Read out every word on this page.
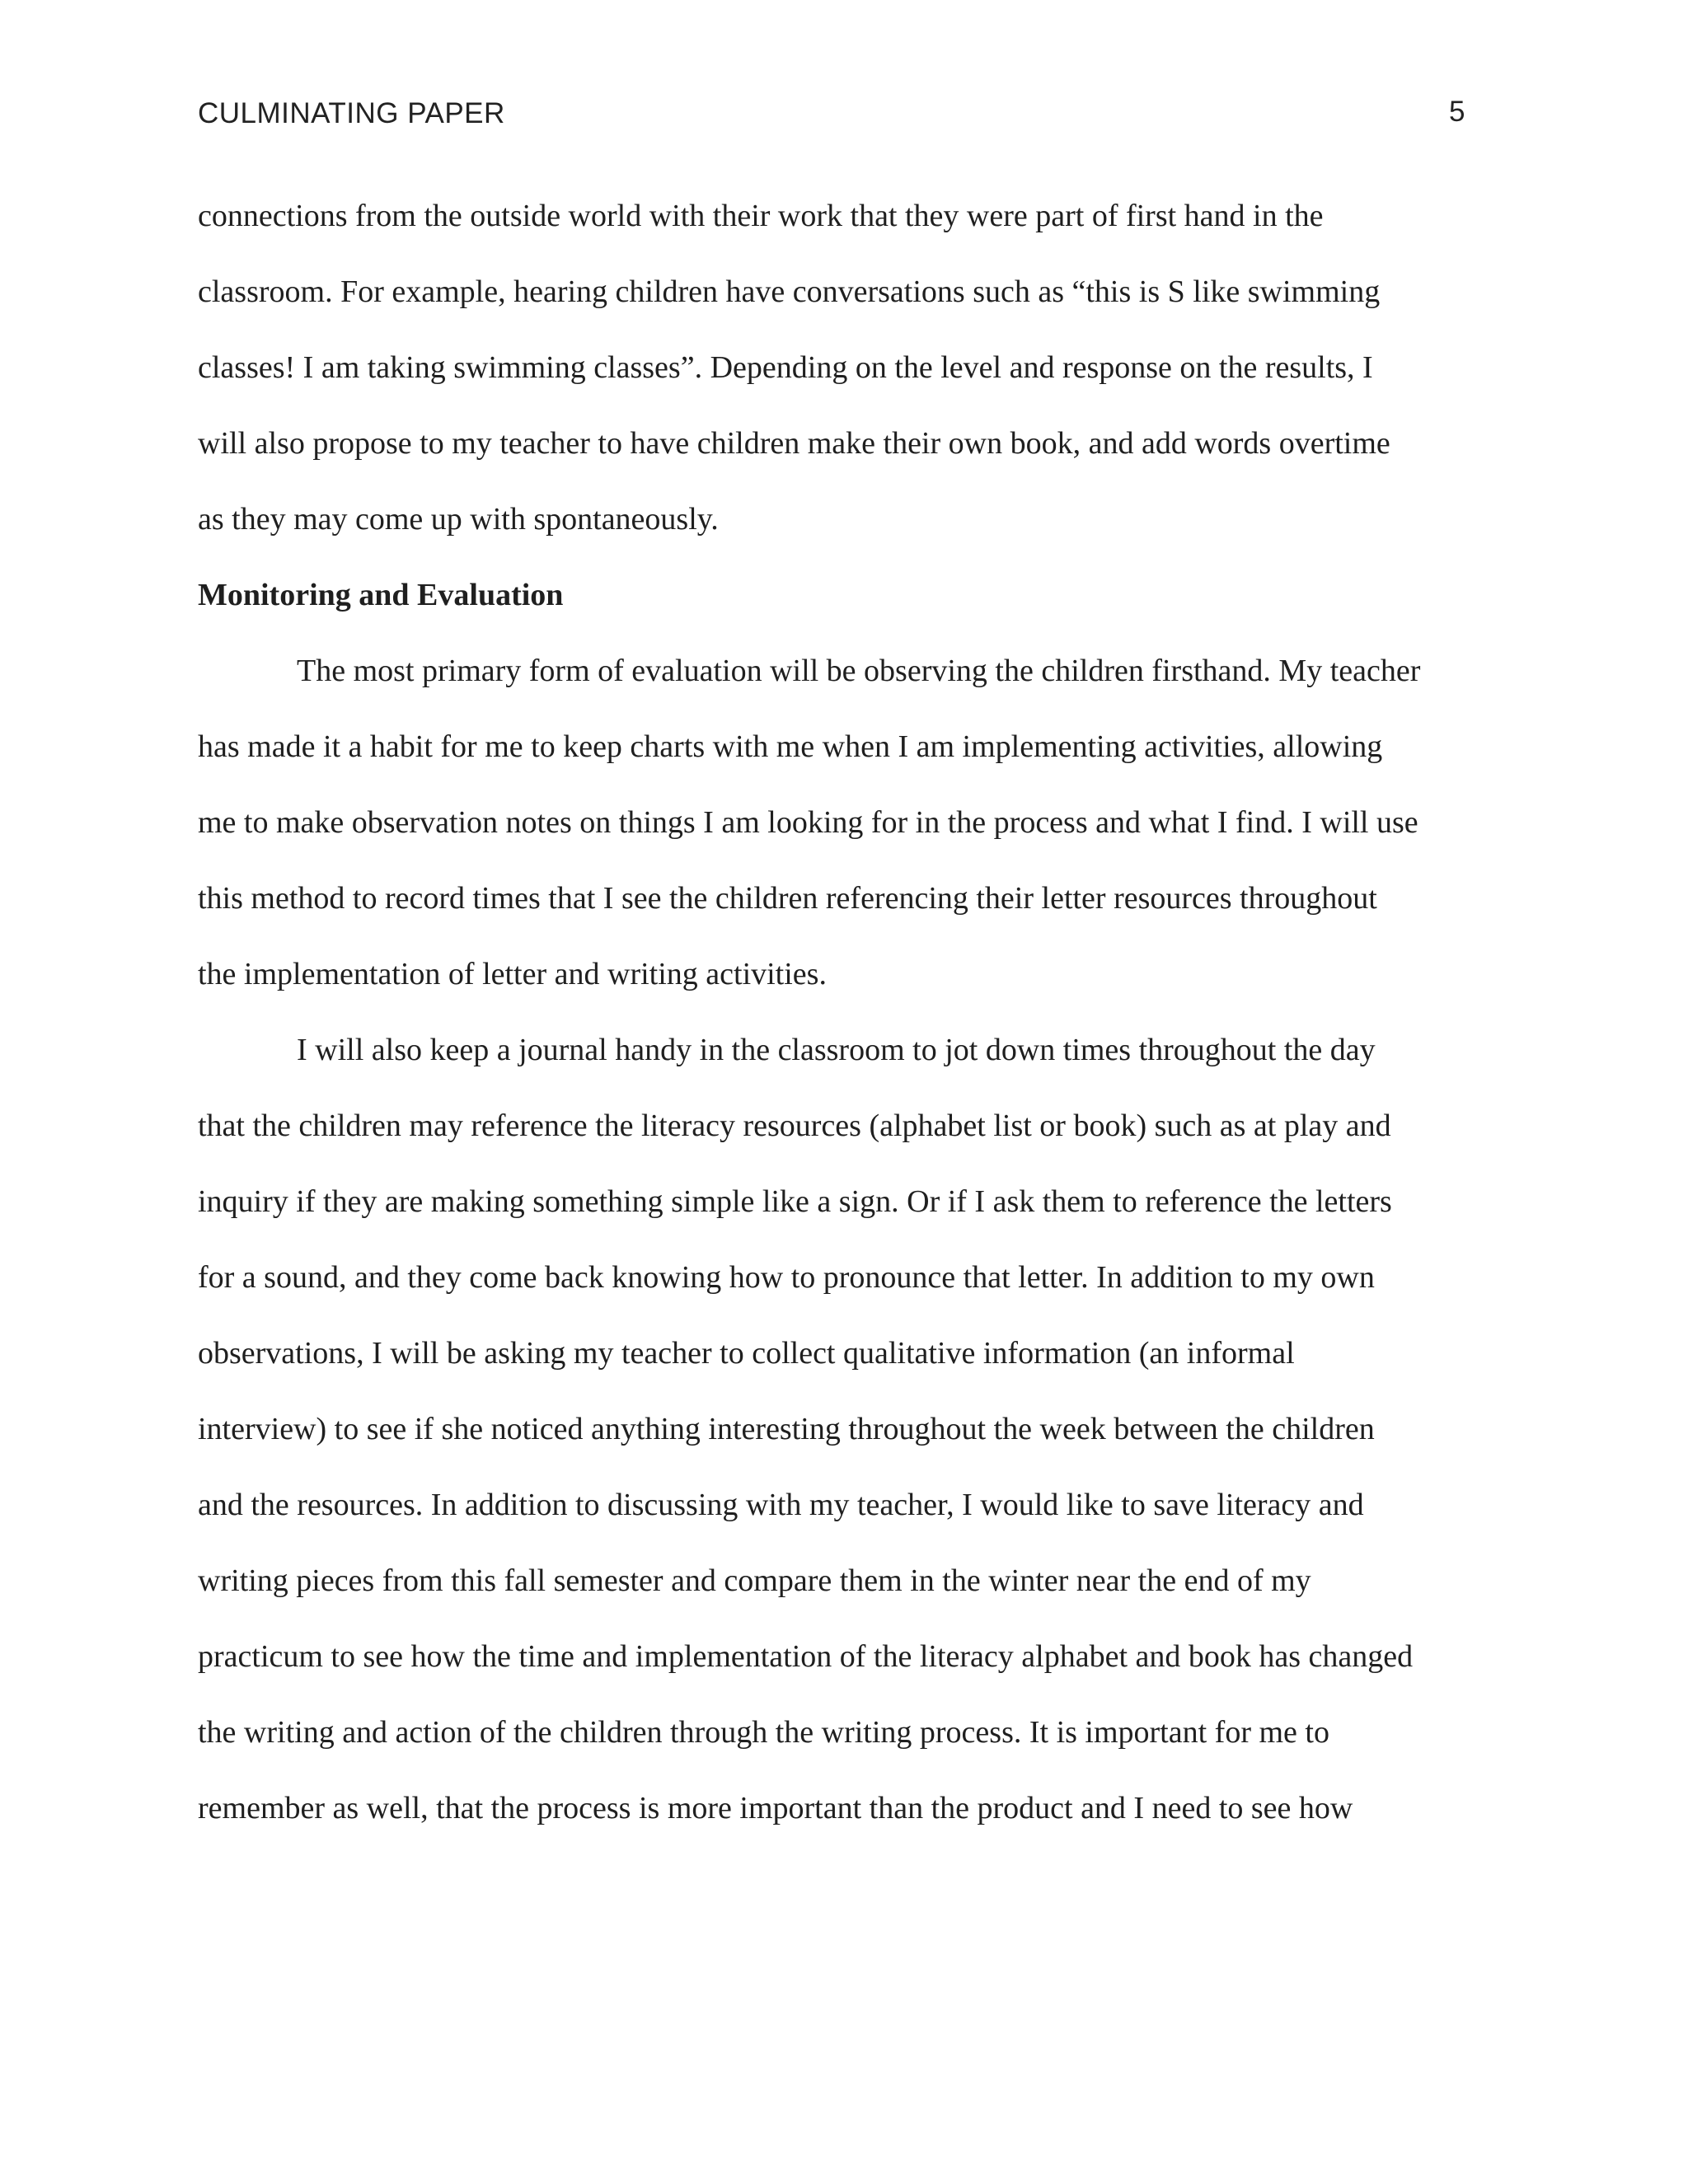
CULMINATING PAPER	5
connections from the outside world with their work that they were part of first hand in the
classroom. For example, hearing children have conversations such as “this is S like swimming
classes! I am taking swimming classes”. Depending on the level and response on the results, I
will also propose to my teacher to have children make their own book, and add words overtime
as they may come up with spontaneously.
Monitoring and Evaluation
The most primary form of evaluation will be observing the children firsthand. My teacher
has made it a habit for me to keep charts with me when I am implementing activities, allowing
me to make observation notes on things I am looking for in the process and what I find. I will use
this method to record times that I see the children referencing their letter resources throughout
the implementation of letter and writing activities.
I will also keep a journal handy in the classroom to jot down times throughout the day
that the children may reference the literacy resources (alphabet list or book) such as at play and
inquiry if they are making something simple like a sign. Or if I ask them to reference the letters
for a sound, and they come back knowing how to pronounce that letter. In addition to my own
observations, I will be asking my teacher to collect qualitative information (an informal
interview) to see if she noticed anything interesting throughout the week between the children
and the resources. In addition to discussing with my teacher, I would like to save literacy and
writing pieces from this fall semester and compare them in the winter near the end of my
practicum to see how the time and implementation of the literacy alphabet and book has changed
the writing and action of the children through the writing process. It is important for me to
remember as well, that the process is more important than the product and I need to see how
